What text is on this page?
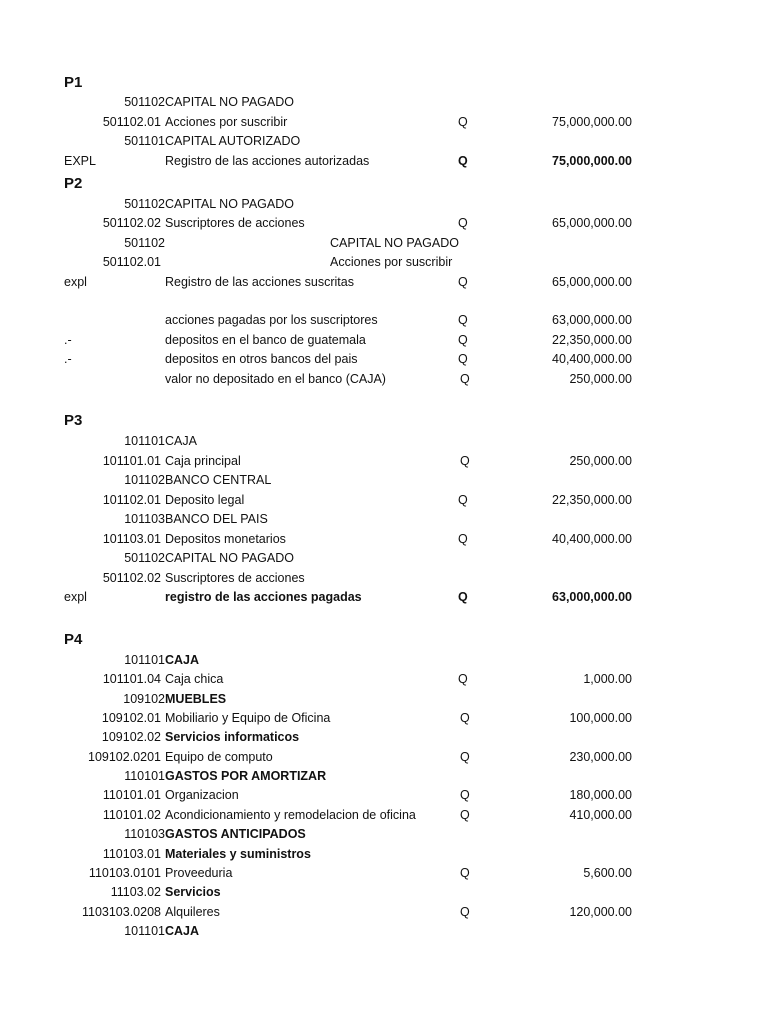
P1
501102 CAPITAL NO PAGADO
501102.01 Acciones por suscribir	Q	75,000,000.00
501101 CAPITAL AUTORIZADO
EXPL	Registro de las acciones autorizadas	Q	75,000,000.00
P2
501102 CAPITAL NO PAGADO
501102.02 Suscriptores de acciones	Q	65,000,000.00
501102	CAPITAL NO PAGADO
501102.01	Acciones por suscribir
expl	Registro de las acciones suscritas	Q	65,000,000.00
acciones pagadas por los suscriptores	Q	63,000,000.00
.-	depositos en el banco de guatemala	Q	22,350,000.00
.-	depositos en otros bancos del pais	Q	40,400,000.00
valor no depositado en el banco (CAJA)	Q	250,000.00
P3
101101 CAJA
101101.01 Caja principal	Q	250,000.00
101102 BANCO CENTRAL
101102.01 Deposito legal	Q	22,350,000.00
101103 BANCO DEL PAIS
101103.01 Depositos monetarios	Q	40,400,000.00
501102 CAPITAL NO PAGADO
501102.02 Suscriptores de acciones
expl	registro de las acciones pagadas	Q	63,000,000.00
P4
101101 CAJA
101101.04 Caja chica	Q	1,000.00
109102 MUEBLES
109102.01 Mobiliario y Equipo de Oficina	Q	100,000.00
109102.02 Servicios informaticos
109102.0201 Equipo de computo	Q	230,000.00
110101 GASTOS POR AMORTIZAR
110101.01 Organizacion	Q	180,000.00
110101.02 Acondicionamiento y remodelacion de oficina	Q	410,000.00
110103 GASTOS ANTICIPADOS
110103.01 Materiales y suministros
110103.0101 Proveeduria	Q	5,600.00
11103.02 Servicios
1103103.0208 Alquileres	Q	120,000.00
101101 CAJA
